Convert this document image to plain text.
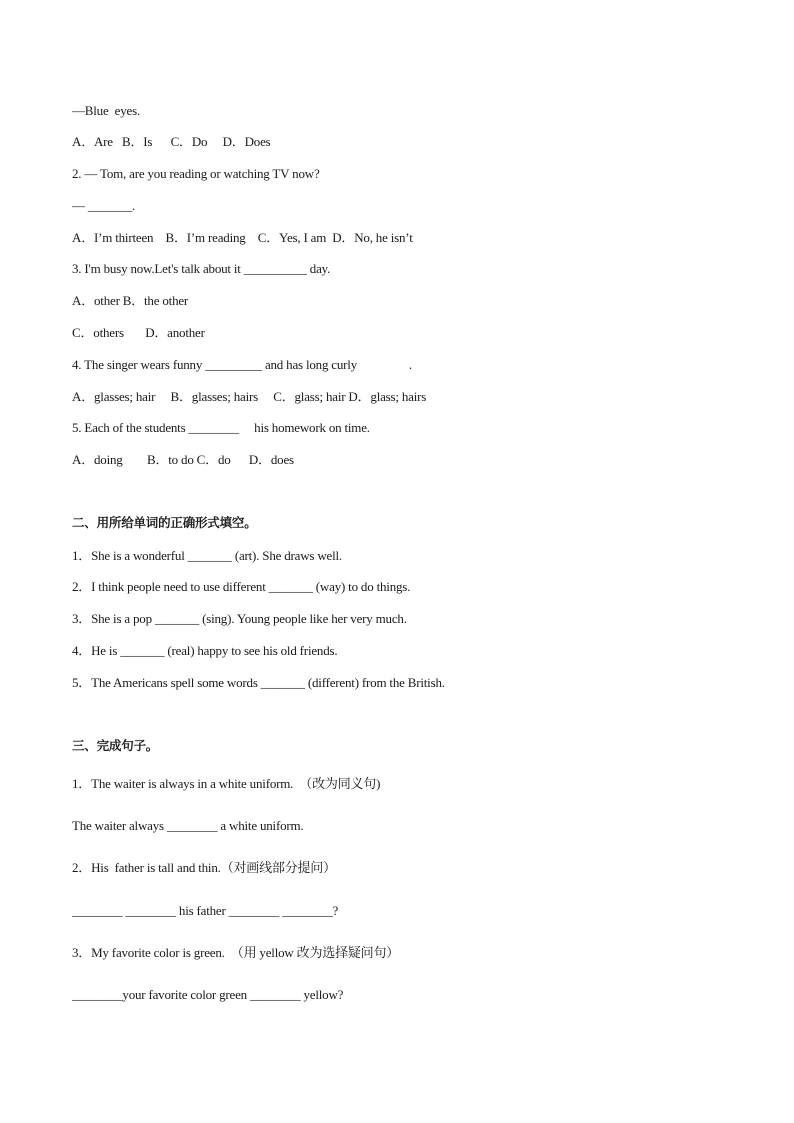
—Blue  eyes.
A．Are   B．Is      C．Do     D．Does
2. — Tom, are you reading or watching TV now?
— _______.
A．I’m thirteen    B．I’m reading    C．Yes, I am  D．No, he isn’t
3. I'm busy now.Let's talk about it __________ day.
A．other B．the other
C．others       D．another
4. The singer wears funny _________ and has long curly                 .
A．glasses; hair     B．glasses; hairs     C．glass; hair D．glass; hairs
5. Each of the students ________     his homework on time.
A．doing        B．to do C．do      D．does
二、用所给单词的正确形式填空。
1．She is a wonderful _______ (art). She draws well.
2．I think people need to use different _______ (way) to do things.
3．She is a pop _______ (sing). Young people like her very much.
4．He is _______ (real) happy to see his old friends.
5．The Americans spell some words _______ (different) from the British.
三、完成句子。
1．The waiter is always in a white uniform.  （改为同义句)
The waiter always ________ a white uniform.
2．His  father is tall and thin.（对画线部分提问）
________ ________ his father ________ ________?
3．My favorite color is green.  （用 yellow 改为选择疑问句）
________your favorite color green ________ yellow?
